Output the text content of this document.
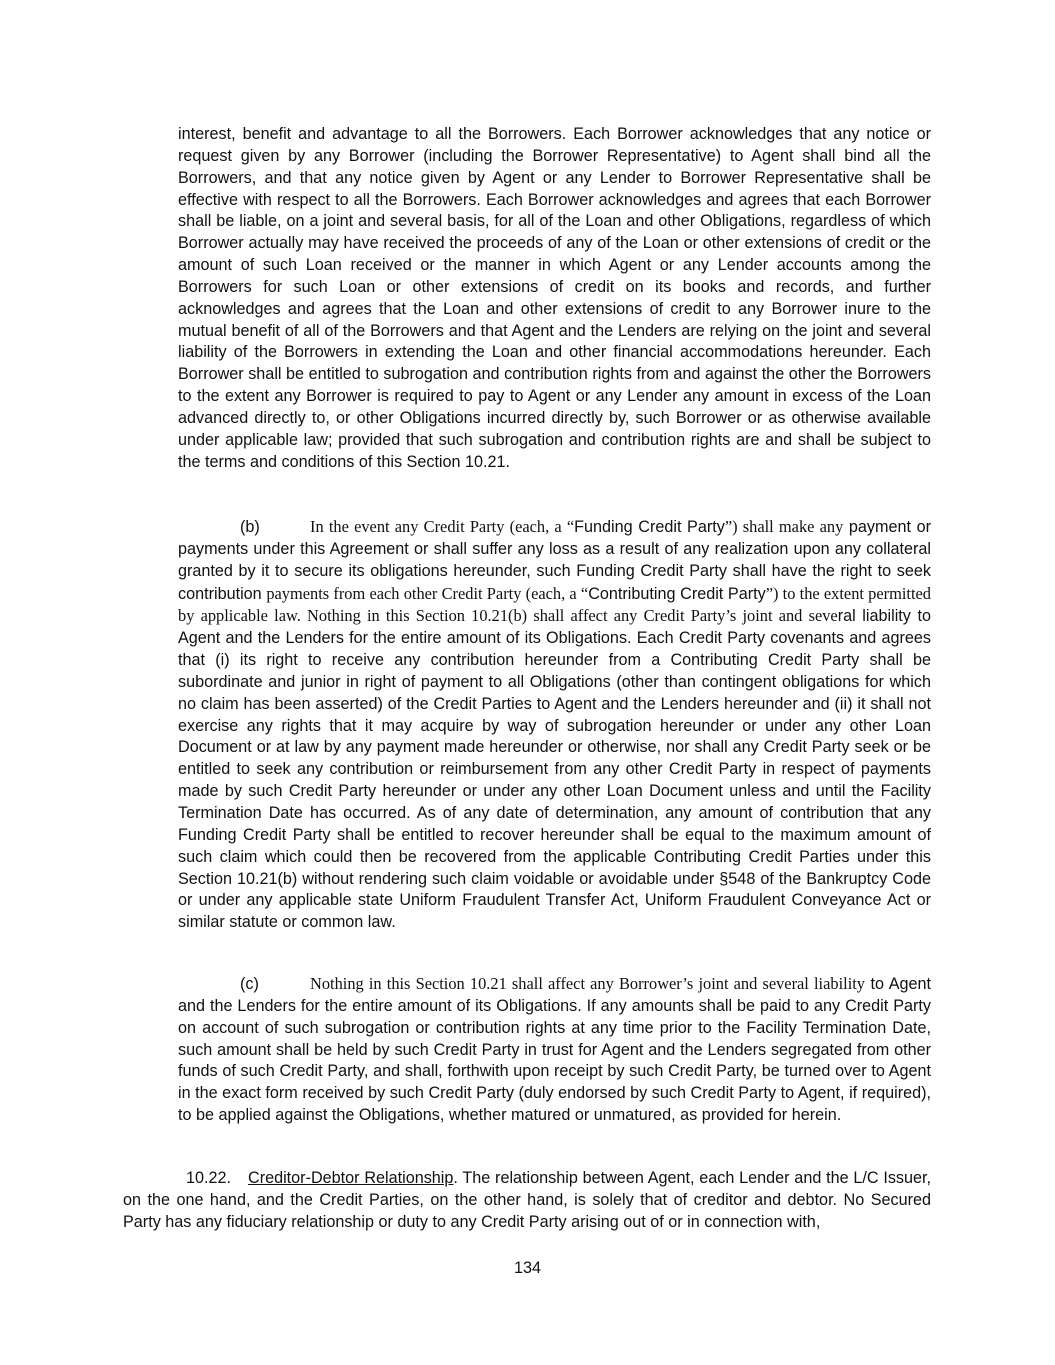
interest, benefit and advantage to all the Borrowers. Each Borrower acknowledges that any notice or request given by any Borrower (including the Borrower Representative) to Agent shall bind all the Borrowers, and that any notice given by Agent or any Lender to Borrower Representative shall be effective with respect to all the Borrowers. Each Borrower acknowledges and agrees that each Borrower shall be liable, on a joint and several basis, for all of the Loan and other Obligations, regardless of which Borrower actually may have received the proceeds of any of the Loan or other extensions of credit or the amount of such Loan received or the manner in which Agent or any Lender accounts among the Borrowers for such Loan or other extensions of credit on its books and records, and further acknowledges and agrees that the Loan and other extensions of credit to any Borrower inure to the mutual benefit of all of the Borrowers and that Agent and the Lenders are relying on the joint and several liability of the Borrowers in extending the Loan and other financial accommodations hereunder. Each Borrower shall be entitled to subrogation and contribution rights from and against the other the Borrowers to the extent any Borrower is required to pay to Agent or any Lender any amount in excess of the Loan advanced directly to, or other Obligations incurred directly by, such Borrower or as otherwise available under applicable law; provided that such subrogation and contribution rights are and shall be subject to the terms and conditions of this Section 10.21.

(b)	In the event any Credit Party (each, a “Funding Credit Party”) shall make any payment or payments under this Agreement or shall suffer any loss as a result of any realization upon any collateral granted by it to secure its obligations hereunder, such Funding Credit Party shall have the right to seek contribution payments from each other Credit Party (each, a “Contributing Credit Party”) to the extent permitted by applicable law. Nothing in this Section 10.21(b) shall affect any Credit Party’s joint and several liability to Agent and the Lenders for the entire amount of its Obligations. Each Credit Party covenants and agrees that (i) its right to receive any contribution hereunder from a Contributing Credit Party shall be subordinate and junior in right of payment to all Obligations (other than contingent obligations for which no claim has been asserted) of the Credit Parties to Agent and the Lenders hereunder and (ii) it shall not exercise any rights that it may acquire by way of subrogation hereunder or under any other Loan Document or at law by any payment made hereunder or otherwise, nor shall any Credit Party seek or be entitled to seek any contribution or reimbursement from any other Credit Party in respect of payments made by such Credit Party hereunder or under any other Loan Document unless and until the Facility Termination Date has occurred. As of any date of determination, any amount of contribution that any Funding Credit Party shall be entitled to recover hereunder shall be equal to the maximum amount of such claim which could then be recovered from the applicable Contributing Credit Parties under this Section 10.21(b) without rendering such claim voidable or avoidable under §548 of the Bankruptcy Code or under any applicable state Uniform Fraudulent Transfer Act, Uniform Fraudulent Conveyance Act or similar statute or common law.

(c)	Nothing in this Section 10.21 shall affect any Borrower’s joint and several liability to Agent and the Lenders for the entire amount of its Obligations. If any amounts shall be paid to any Credit Party on account of such subrogation or contribution rights at any time prior to the Facility Termination Date, such amount shall be held by such Credit Party in trust for Agent and the Lenders segregated from other funds of such Credit Party, and shall, forthwith upon receipt by such Credit Party, be turned over to Agent in the exact form received by such Credit Party (duly endorsed by such Credit Party to Agent, if required), to be applied against the Obligations, whether matured or unmatured, as provided for herein.

10.22. Creditor-Debtor Relationship. The relationship between Agent, each Lender and the L/C Issuer, on the one hand, and the Credit Parties, on the other hand, is solely that of creditor and debtor. No Secured Party has any fiduciary relationship or duty to any Credit Party arising out of or in connection with,

134
